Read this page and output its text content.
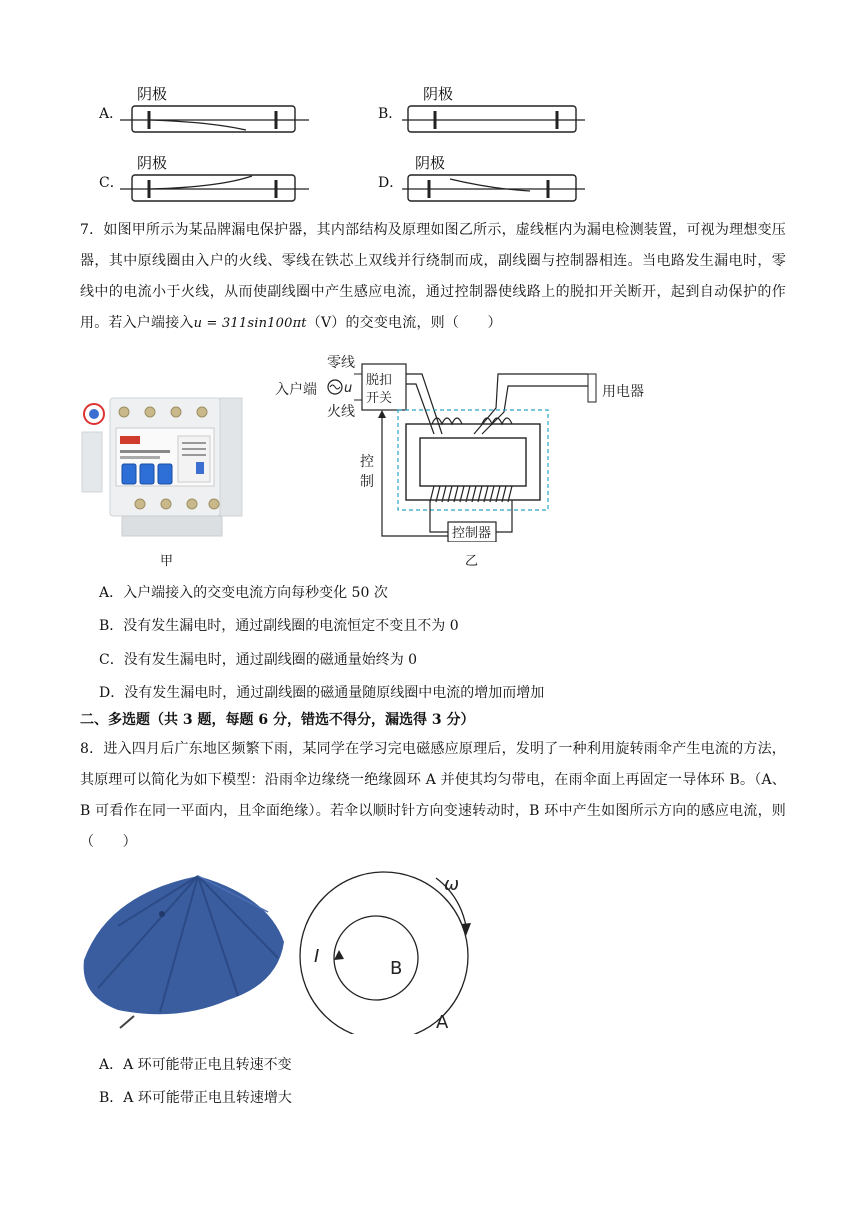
A．	B．
C．	D．
阴极	阴极
阴极	阴极
7．如图甲所示为某品牌漏电保护器，其内部结构及原理如图乙所示，虚线框内为漏电检测装置，可视为理想变压器，其中原线圈由入户的火线、零线在铁芯上双线并行绕制而成，副线圈与控制器相连。当电路发生漏电时，零线中的电流小于火线，从而使副线圈中产生感应电流，通过控制器使线路上的脱扣开关断开，起到自动保护的作用。若入户端接入u = 311sin100πt（V）的交变电流，则（　　）
甲
零线
入户端
火线
u
脱扣
开关	用电器
控制器
控
制
乙
A．入户端接入的交变电流方向每秒变化 50 次
B．没有发生漏电时，通过副线圈的电流恒定不变且不为 0
C．没有发生漏电时，通过副线圈的磁通量始终为 0
D．没有发生漏电时，通过副线圈的磁通量随原线圈中电流的增加而增加
二、多选题（共 3 题，每题 6 分，错选不得分，漏选得 3 分）
8．进入四月后广东地区频繁下雨，某同学在学习完电磁感应原理后，发明了一种利用旋转雨伞产生电流的方法，其原理可以简化为如下模型：沿雨伞边缘绕一绝缘圆环 A 并使其均匀带电，在雨伞面上再固定一导体环 B。（A、B 可看作在同一平面内，且伞面绝缘）。若伞以顺时针方向变速转动时，B 环中产生如图所示方向的感应电流，则（　　）
ω
I
B
A
A．A 环可能带正电且转速不变
B．A 环可能带正电且转速增大
